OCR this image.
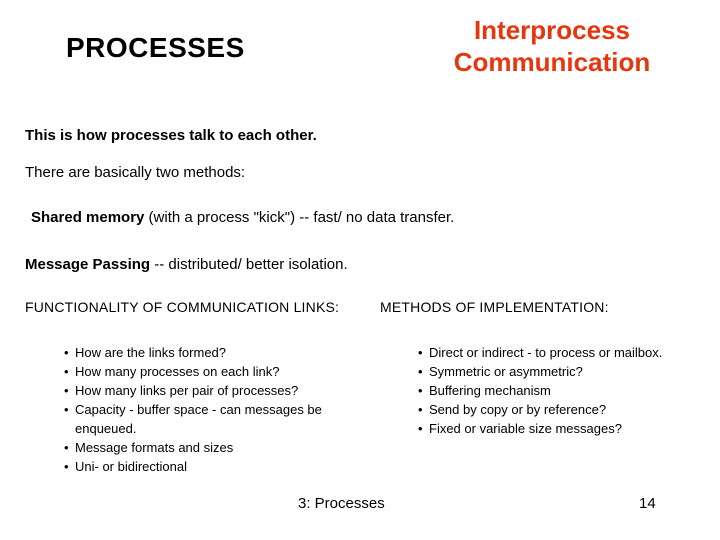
PROCESSES
Interprocess Communication

This is how processes talk to each other.

There are basically two methods:

Shared memory (with a process "kick") -- fast/ no data transfer.

Message Passing -- distributed/ better isolation.

FUNCTIONALITY OF COMMUNICATION LINKS:	METHODS OF IMPLEMENTATION:
• How are the links formed?
• How many processes on each link?
• How many links per pair of processes?
• Capacity - buffer space - can messages be enqueued.
• Message formats and sizes
• Uni- or bidirectional
• Direct or indirect - to process or mailbox.
• Symmetric or asymmetric?
• Buffering mechanism
• Send by copy or by reference?
• Fixed or variable size messages?
3: Processes	14
